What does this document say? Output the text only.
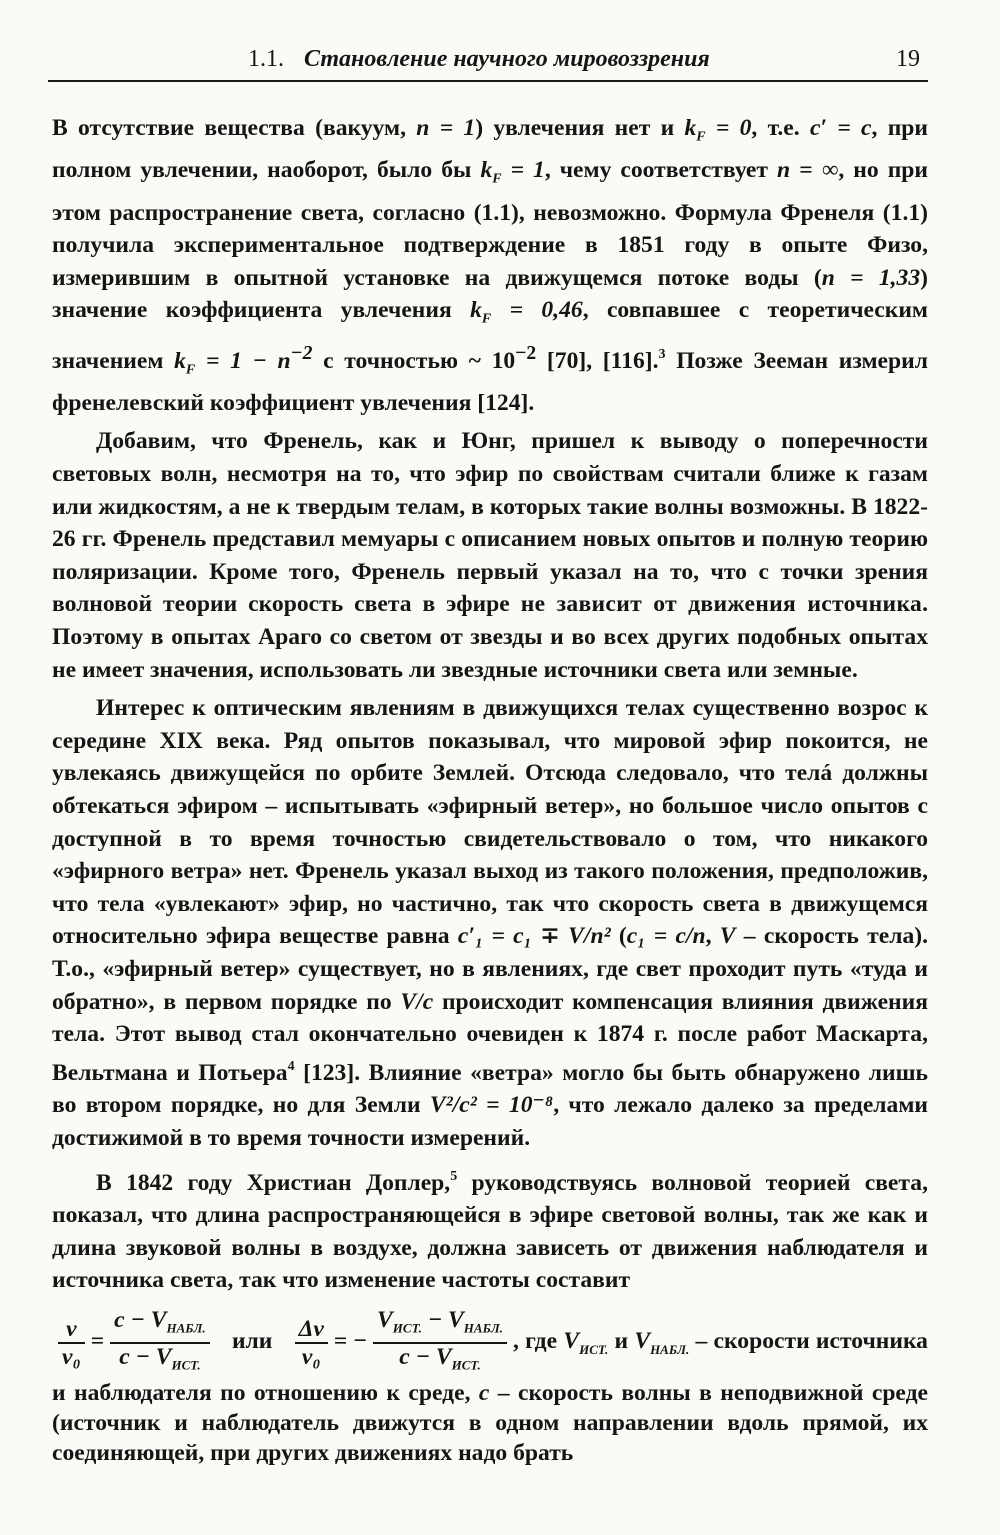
1.1. Становление научного мировоззрения	19

В отсутствие вещества (вакуум, n = 1) увлечения нет и $k_F = 0$, т.е. c′ = c, при полном увлечении, наоборот, было бы $k_F = 1$, чему соответствует n = ∞, но при этом распространение света, согласно (1.1), невозможно. Формула Френеля (1.1) получила экспериментальное подтверждение в 1851 году в опыте Физо, измерившим в опытной установке на движущемся потоке воды (n = 1,33) значение коэффициента увлечения $k_F = 0,46$, совпавшее с теоретическим значением $k_F = 1 - n^{-2}$ с точностью ~ $10^{-2}$ [70], [116].$^3$ Позже Зееман измерил френелевский коэффициент увлечения [124].

Добавим, что Френель, как и Юнг, пришел к выводу о поперечности световых волн, несмотря на то, что эфир по свойствам считали ближе к газам или жидкостям, а не к твердым телам, в которых такие волны возможны. В 1822-26 гг. Френель представил мемуары с описанием новых опытов и полную теорию поляризации. Кроме того, Френель первый указал на то, что с точки зрения волновой теории скорость света в эфире не зависит от движения источника. Поэтому в опытах Араго со светом от звезды и во всех других подобных опытах не имеет значения, использовать ли звездные источники света или земные.

Интерес к оптическим явлениям в движущихся телах существенно возрос к середине XIX века. Ряд опытов показывал, что мировой эфир покоится, не увлекаясь движущейся по орбите Землей. Отсюда следовало, что телá должны обтекаться эфиром – испытывать «эфирный ветер», но большое число опытов с доступной в то время точностью свидетельствовало о том, что никакого «эфирного ветра» нет. Френель указал выход из такого положения, предположив, что тела «увлекают» эфир, но частично, так что скорость света в движущемся относительно эфира веществе равна c′₁ = c₁ ∓ V/n² (c₁ = c/n, V – скорость тела). Т.о., «эфирный ветер» существует, но в явлениях, где свет проходит путь «туда и обратно», в первом порядке по V/c происходит компенсация влияния движения тела. Этот вывод стал окончательно очевиден к 1874 г. после работ Маскарта, Вельтмана и Потьера$^4$ [123]. Влияние «ветра» могло бы быть обнаружено лишь во втором порядке, но для Земли V²/c² = 10⁻⁸, что лежало далеко за пределами достижимой в то время точности измерений.

В 1842 году Христиан Доплер,$^5$ руководствуясь волновой теорией света, показал, что длина распространяющейся в эфире световой волны, так же как и длина звуковой волны в воздухе, должна зависеть от движения наблюдателя и источника света, так что изменение частоты составит

$\frac{\nu}{\text{ν₀}} = \frac{c - V_{НАБЛ.}}{c - V_{ИСТ.}}$ или $\frac{\Delta\nu}{\text{ν₀}}$ = − $\frac{V_{ИСТ.} - V_{НАБЛ.}}{c - V_{ИСТ.}}$ , где $V_{ИСТ.}$ и $V_{НАБЛ.}$ – скорости источника и наблюдателя по отношению к среде, c – скорость волны в неподвижной среде (источник и наблюдатель движутся в одном направлении вдоль прямой, их соединяющей, при других движениях надо брать
